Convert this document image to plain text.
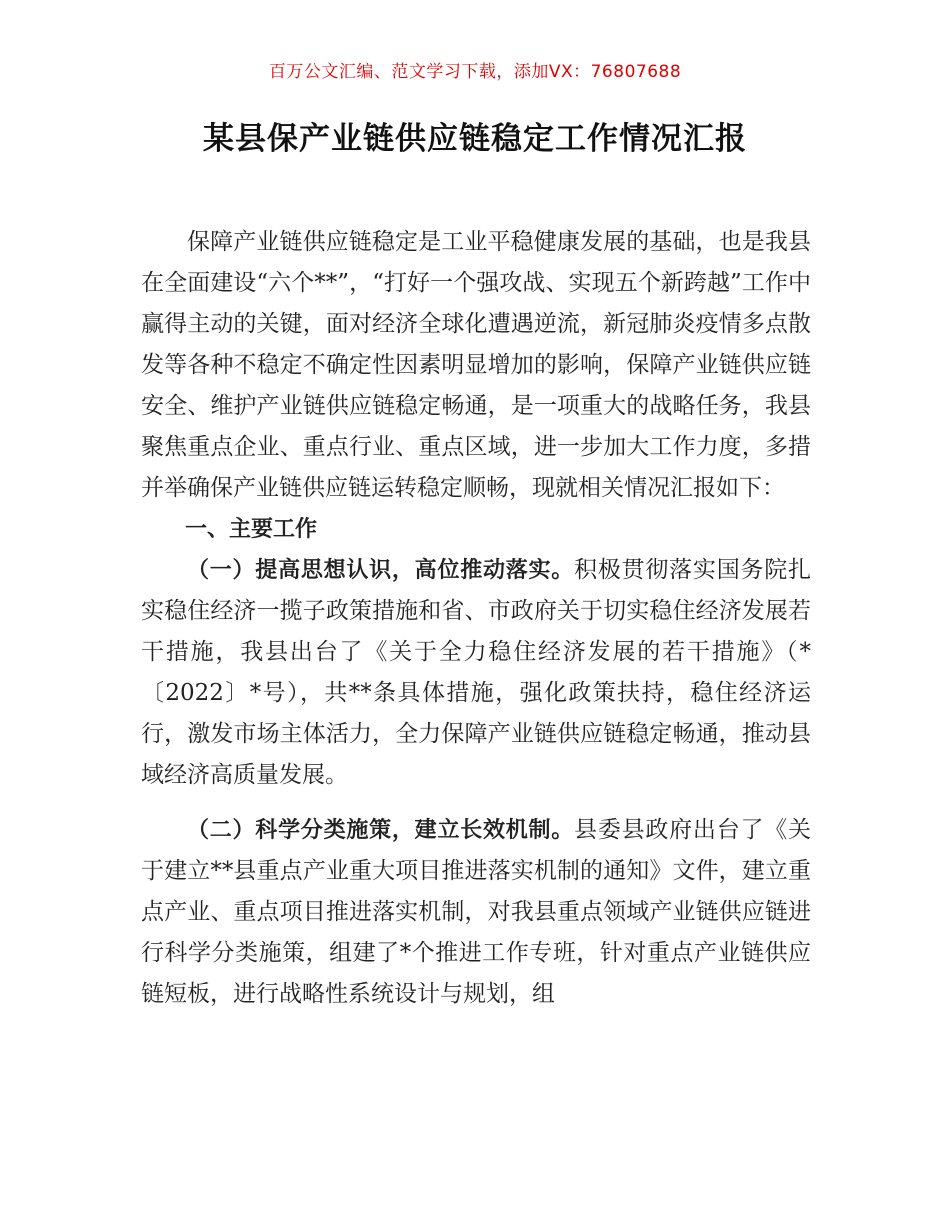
百万公文汇编、范文学习下载，添加VX：76807688
某县保产业链供应链稳定工作情况汇报

保障产业链供应链稳定是工业平稳健康发展的基础，也是我县在全面建设“六个**”，“打好一个强攻战、实现五个新跨越”工作中赢得主动的关键，面对经济全球化遭遇逆流，新冠肺炎疫情多点散发等各种不稳定不确定性因素明显增加的影响，保障产业链供应链安全、维护产业链供应链稳定畅通，是一项重大的战略任务，我县聚焦重点企业、重点行业、重点区域，进一步加大工作力度，多措并举确保产业链供应链运转稳定顺畅，现就相关情况汇报如下：

一、主要工作

（一）提高思想认识，高位推动落实。积极贯彻落实国务院扎实稳住经济一揽子政策措施和省、市政府关于切实稳住经济发展若干措施，我县出台了《关于全力稳住经济发展的若干措施》（*〔2022〕*号），共**条具体措施，强化政策扶持，稳住经济运行，激发市场主体活力，全力保障产业链供应链稳定畅通，推动县域经济高质量发展。

（二）科学分类施策，建立长效机制。县委县政府出台了《关于建立**县重点产业重大项目推进落实机制的通知》文件，建立重点产业、重点项目推进落实机制，对我县重点领域产业链供应链进行科学分类施策，组建了*个推进工作专班，针对重点产业链供应链短板，进行战略性系统设计与规划，组
